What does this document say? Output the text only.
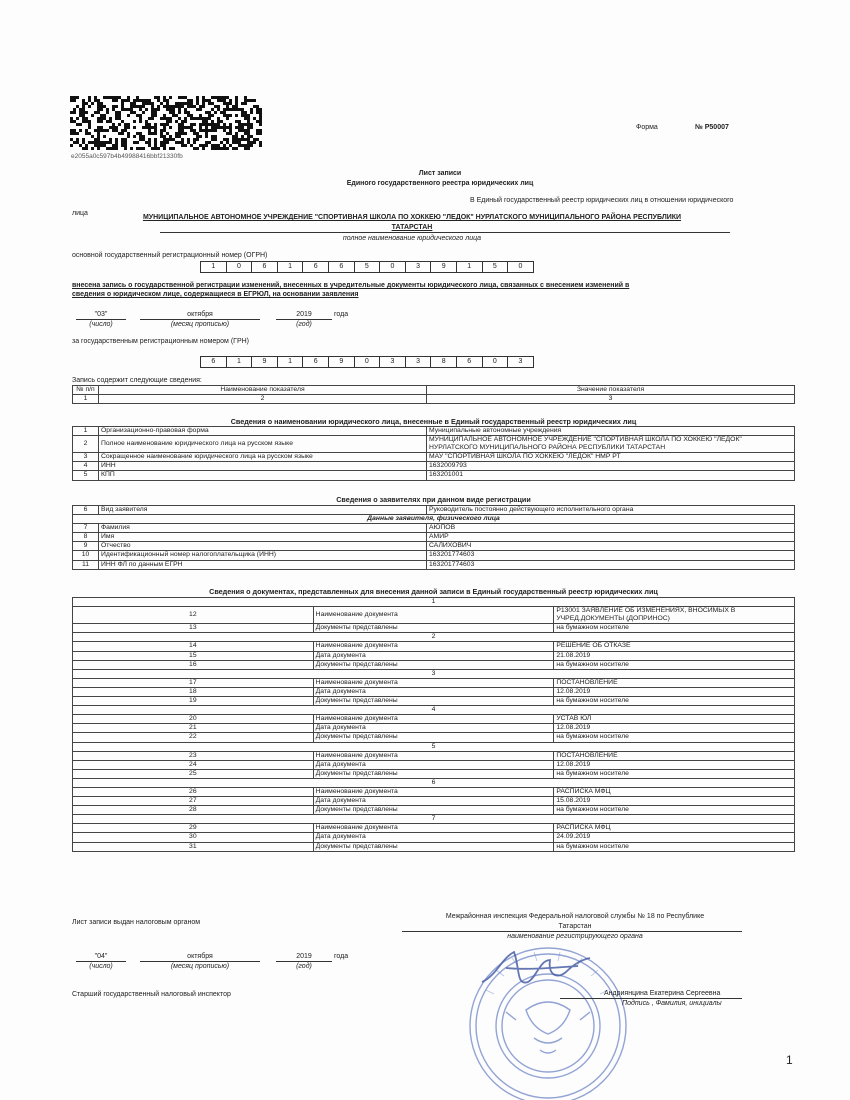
e2055a0c597b4b49988416bbf21330fb
Форма	№ Р50007
Лист записи
Единого государственного реестра юридических лиц
В Единый государственный реестр юридических лиц в отношении юридического
лица
МУНИЦИПАЛЬНОЕ АВТОНОМНОЕ УЧРЕЖДЕНИЕ "СПОРТИВНАЯ ШКОЛА ПО ХОККЕЮ "ЛЕДОК" НУРЛАТСКОГО МУНИЦИПАЛЬНОГО РАЙОНА РЕСПУБЛИКИ
ТАТАРСТАН
полное наименование юридического лица
основной государственный регистрационный номер (ОГРН)
1	0	6	1	6	6	5	0	3	9	1	5	0
внесена запись о государственной регистрации изменений, внесенных в учредительные документы юридического лица, связанных с внесением изменений в
сведения о юридическом лице, содержащиеся в ЕГРЮЛ, на основании заявления
"03"	октября	2019	года
(число)	(месяц прописью)	(год)
за государственным регистрационным номером (ГРН)
6	1	9	1	6	9	0	3	3	8	6	0	3
Запись содержит следующие сведения:
№ п/п	Наименование показателя	Значение показателя
1	2	3
Сведения о наименовании юридического лица, внесенные в Единый государственный реестр юридических лиц
1	Организационно-правовая форма	Муниципальные автономные учреждения
2	Полное наименование юридического лица на русском языке	МУНИЦИПАЛЬНОЕ АВТОНОМНОЕ УЧРЕЖДЕНИЕ "СПОРТИВНАЯ ШКОЛА ПО ХОККЕЮ "ЛЕДОК" НУРЛАТСКОГО МУНИЦИПАЛЬНОГО РАЙОНА РЕСПУБЛИКИ ТАТАРСТАН
3	Сокращенное наименование юридического лица на русском языке	МАУ "СПОРТИВНАЯ ШКОЛА ПО ХОККЕЮ "ЛЕДОК" НМР РТ
4	ИНН	1632009793
5	КПП	163201001
Сведения о заявителях при данном виде регистрации
6	Вид заявителя	Руководитель постоянно действующего исполнительного органа
Данные заявителя, физического лица		
7	Фамилия	АЮПОВ
8	Имя	АМИР
9	Отчество	САЛИХОВИЧ
10	Идентификационный номер налогоплательщика (ИНН)	163201774603
11	ИНН ФЛ по данным ЕГРН	163201774603
Сведения о документах, представленных для внесения данной записи в Единый государственный реестр юридических лиц
1		
12	Наименование документа	Р13001 ЗАЯВЛЕНИЕ ОБ ИЗМЕНЕНИЯХ, ВНОСИМЫХ В УЧРЕД.ДОКУМЕНТЫ (ДОПРИНОС)
13	Документы представлены	на бумажном носителе
2		
14	Наименование документа	РЕШЕНИЕ ОБ ОТКАЗЕ
15	Дата документа	21.08.2019
16	Документы представлены	на бумажном носителе
3		
17	Наименование документа	ПОСТАНОВЛЕНИЕ
18	Дата документа	12.08.2019
19	Документы представлены	на бумажном носителе
4		
20	Наименование документа	УСТАВ ЮЛ
21	Дата документа	12.08.2019
22	Документы представлены	на бумажном носителе
5		
23	Наименование документа	ПОСТАНОВЛЕНИЕ
24	Дата документа	12.08.2019
25	Документы представлены	на бумажном носителе
6		
26	Наименование документа	РАСПИСКА МФЦ
27	Дата документа	15.08.2019
28	Документы представлены	на бумажном носителе
7		
29	Наименование документа	РАСПИСКА МФЦ
30	Дата документа	24.09.2019
31	Документы представлены	на бумажном носителе
Лист записи выдан налоговым органом
Межрайонная инспекция Федеральной налоговой службы № 18 по Республике
Татарстан
наименование регистрирующего органа
"04"	октября	2019	года
(число)	(месяц прописью)	(год)
Старший государственный налоговый инспектор	Андриянцина Екатерина Сергеевна
Подпись , Фамилия, инициалы
1
